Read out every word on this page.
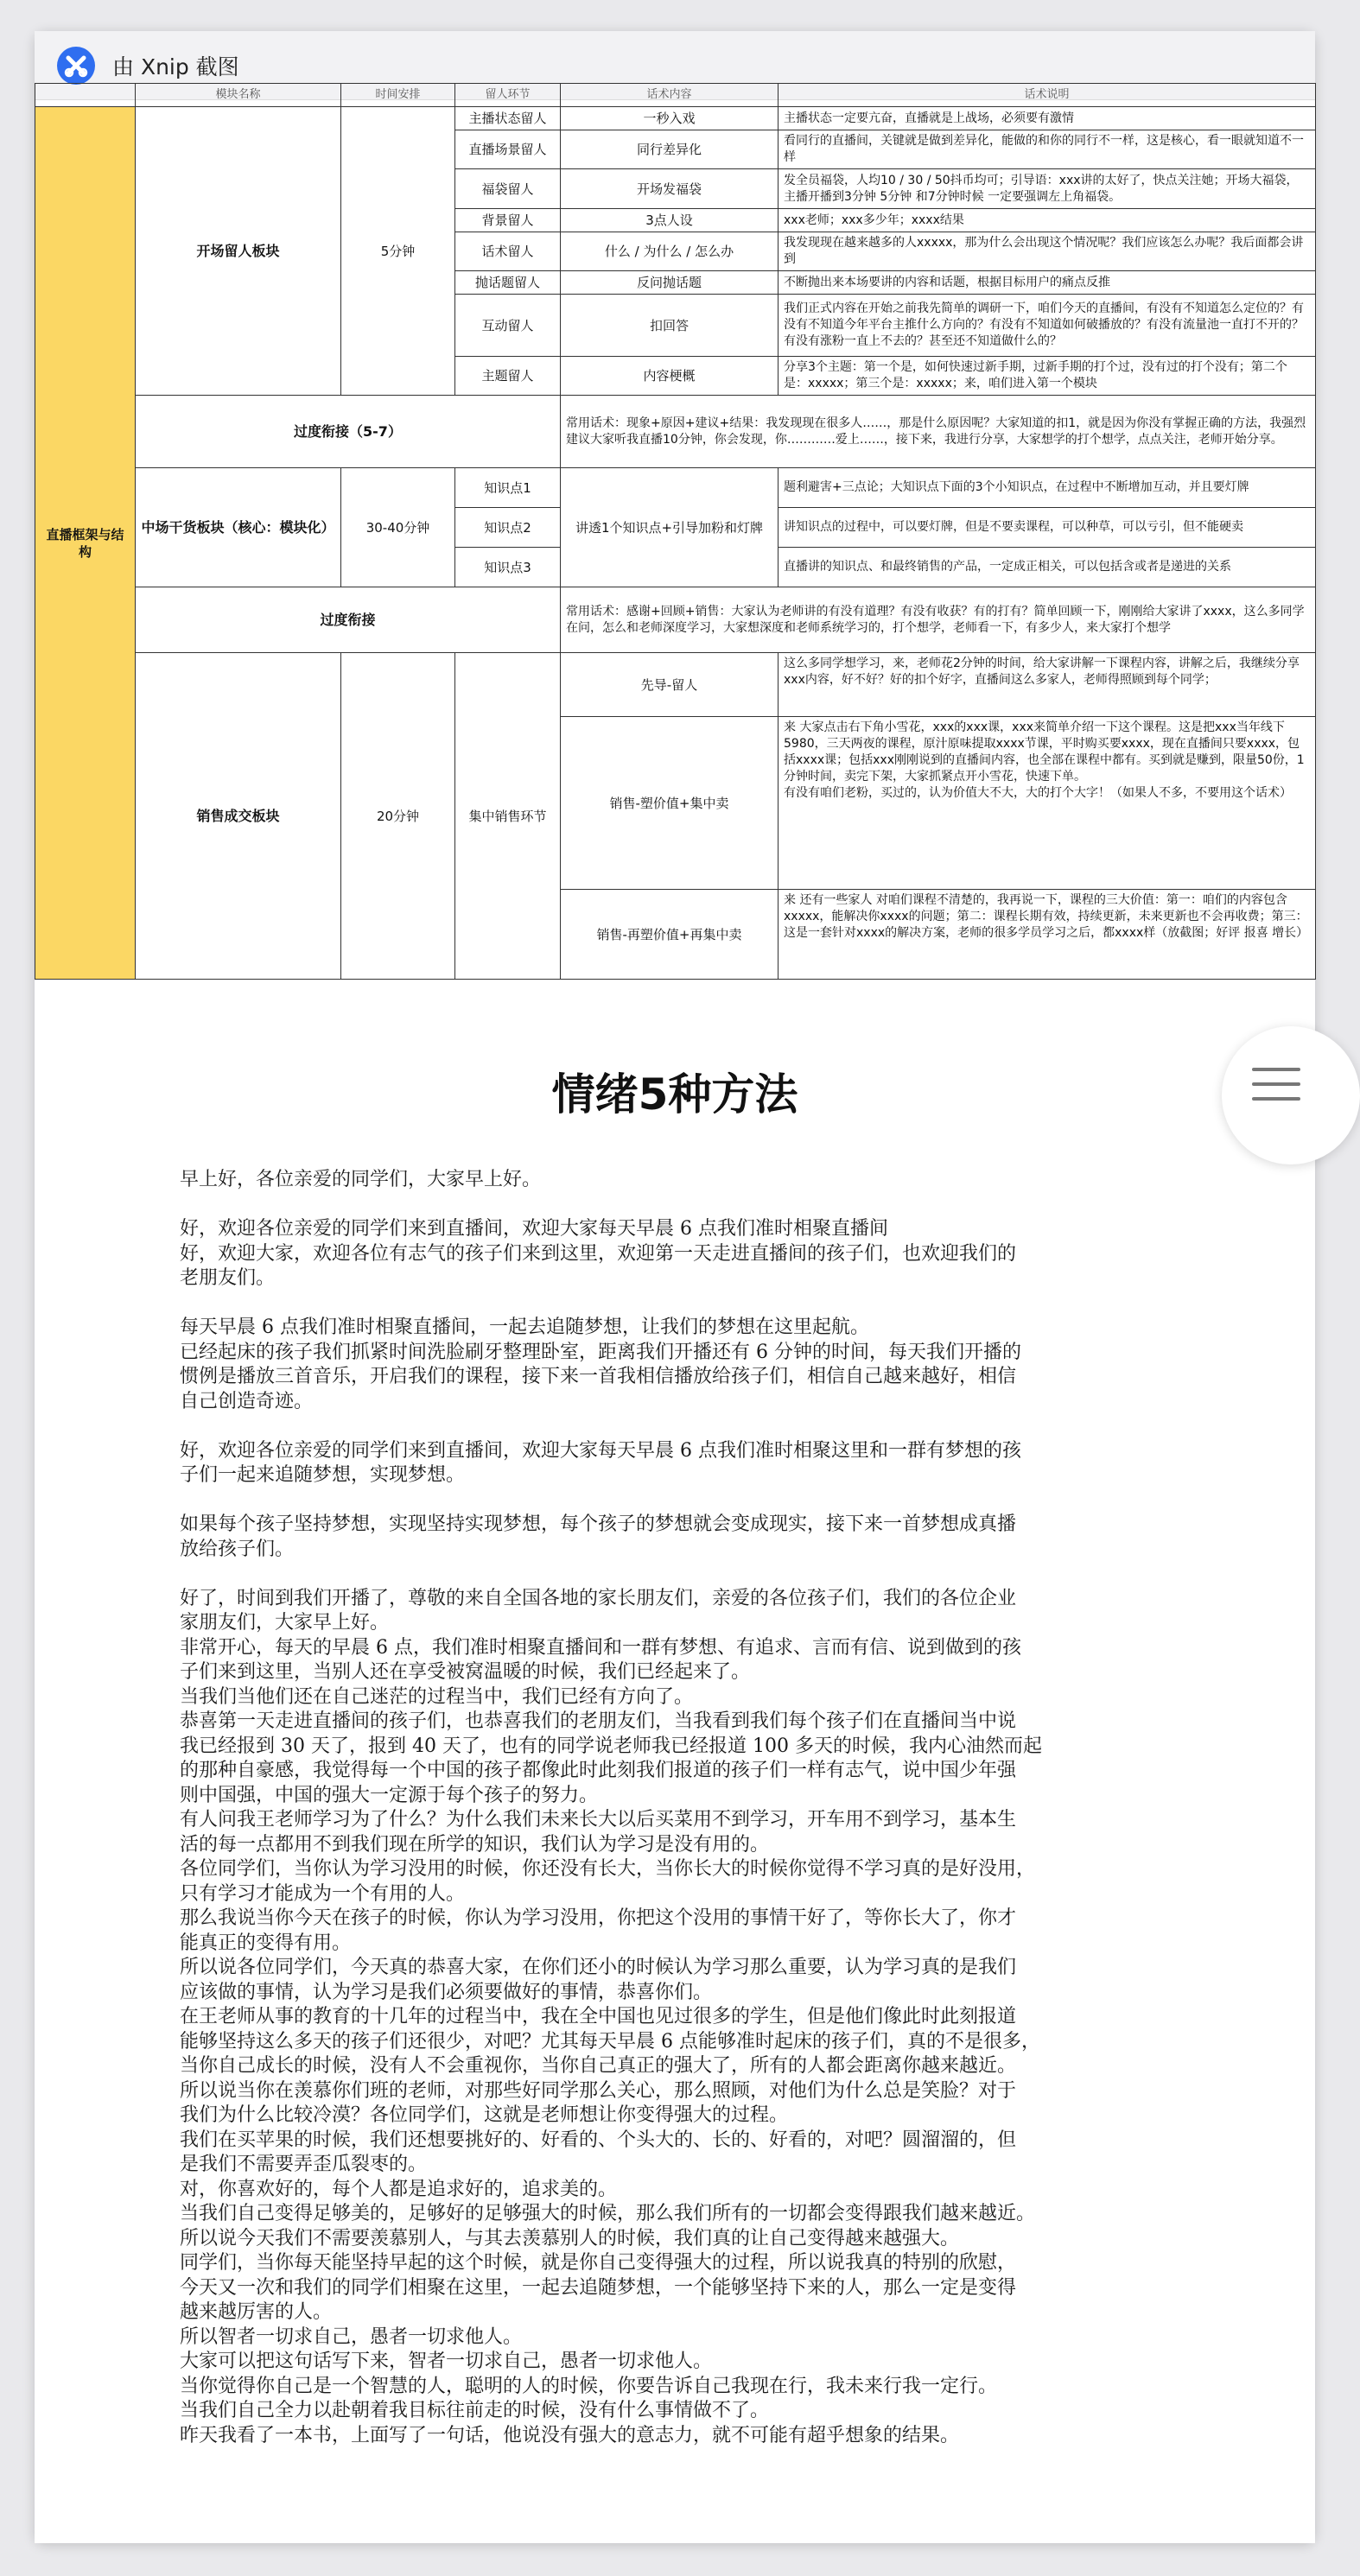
由 Xnip 截图
	模块名称	时间安排	留人环节	话术内容	话术说明
直播框架与结构	开场留人板块	5分钟	主播状态留人	一秒入戏	主播状态一定要亢奋，直播就是上战场，必须要有激情
			直播场景留人	同行差异化	看同行的直播间，关键就是做到差异化，能做的和你的同行不一样，这是核心，看一眼就知道不一样
			福袋留人	开场发福袋	发全员福袋，人均10 / 30 / 50抖币均可；引导语：xxx讲的太好了，快点关注她；开场大福袋，主播开播到3分钟 5分钟 和7分钟时候 一定要强调左上角福袋。
			背景留人	3点人设	xxx老师；xxx多少年；xxxx结果
			话术留人	什么 / 为什么 / 怎么办	我发现现在越来越多的人xxxxx，那为什么会出现这个情况呢？我们应该怎么办呢？我后面都会讲到
			抛话题留人	反问抛话题	不断抛出来本场要讲的内容和话题，根据目标用户的痛点反推
			互动留人	扣回答	我们正式内容在开始之前我先简单的调研一下，咱们今天的直播间，有没有不知道怎么定位的？有没有不知道今年平台主推什么方向的？有没有不知道如何破播放的？有没有流量池一直打不开的？有没有涨粉一直上不去的？甚至还不知道做什么的？
			主题留人	内容梗概	分享3个主题：第一个是，如何快速过新手期，过新手期的打个过，没有过的打个没有；第二个是：xxxxx；第三个是：xxxxx；来，咱们进入第一个模块
	过度衔接（5-7）			常用话术：现象+原因+建议+结果：我发现现在很多人……，那是什么原因呢？大家知道的扣1，就是因为你没有掌握正确的方法，我强烈建议大家听我直播10分钟，你会发现，你…………爱上……，接下来，我进行分享，大家想学的打个想学，点点关注，老师开始分享。	
	中场干货板块（核心：模块化）	30-40分钟	知识点1	讲透1个知识点+引导加粉和灯牌	题利避害+三点论；大知识点下面的3个小知识点，在过程中不断增加互动，并且要灯牌
			知识点2		讲知识点的过程中，可以要灯牌，但是不要卖课程，可以种草，可以亏引，但不能硬卖
			知识点3		直播讲的知识点、和最终销售的产品，一定成正相关，可以包括含或者是递进的关系
	过度衔接			常用话术：感谢+回顾+销售：大家认为老师讲的有没有道理？有没有收获？有的打有？简单回顾一下，刚刚给大家讲了xxxx，这么多同学在问，怎么和老师深度学习，大家想深度和老师系统学习的，打个想学，老师看一下，有多少人，来大家打个想学	
	销售成交板块	20分钟	集中销售环节	先导-留人	这么多同学想学习，来，老师花2分钟的时间，给大家讲解一下课程内容，讲解之后，我继续分享xxx内容，好不好？好的扣个好字，直播间这么多家人，老师得照顾到每个同学；
				销售-塑价值+集中卖	来 大家点击右下角小雪花，xxx的xxx课，xxx来简单介绍一下这个课程。这是把xxx当年线下5980，三天两夜的课程，原汁原味提取xxxx节课，平时购买要xxxx，现在直播间只要xxxx，包括xxxx课；包括xxx刚刚说到的直播间内容，也全部在课程中都有。买到就是赚到，限量50份，1分钟时间，卖完下架，大家抓紧点开小雪花，快速下单。
有没有咱们老粉，买过的，认为价值大不大，大的打个大字！（如果人不多，不要用这个话术）
				销售-再塑价值+再集中卖	来 还有一些家人 对咱们课程不清楚的，我再说一下，课程的三大价值：第一：咱们的内容包含xxxxx，能解决你xxxx的问题；第二：课程长期有效，持续更新，未来更新也不会再收费；第三：这是一套针对xxxx的解决方案，老师的很多学员学习之后，都xxxx样（放截图；好评 报喜 增长）
情绪5种方法

早上好，各位亲爱的同学们，大家早上好。

好，欢迎各位亲爱的同学们来到直播间，欢迎大家每天早晨 6 点我们准时相聚直播间

好，欢迎大家，欢迎各位有志气的孩子们来到这里，欢迎第一天走进直播间的孩子们，也欢迎我们的

老朋友们。

每天早晨 6 点我们准时相聚直播间，一起去追随梦想，让我们的梦想在这里起航。

已经起床的孩子我们抓紧时间洗脸刷牙整理卧室，距离我们开播还有 6 分钟的时间，每天我们开播的

惯例是播放三首音乐，开启我们的课程，接下来一首我相信播放给孩子们，相信自己越来越好，相信

自己创造奇迹。

好，欢迎各位亲爱的同学们来到直播间，欢迎大家每天早晨 6 点我们准时相聚这里和一群有梦想的孩

子们一起来追随梦想，实现梦想。

如果每个孩子坚持梦想，实现坚持实现梦想，每个孩子的梦想就会变成现实，接下来一首梦想成真播

放给孩子们。

好了，时间到我们开播了，尊敬的来自全国各地的家长朋友们，亲爱的各位孩子们，我们的各位企业

家朋友们，大家早上好。

非常开心，每天的早晨 6 点，我们准时相聚直播间和一群有梦想、有追求、言而有信、说到做到的孩

子们来到这里，当别人还在享受被窝温暖的时候，我们已经起来了。

当我们当他们还在自己迷茫的过程当中，我们已经有方向了。

恭喜第一天走进直播间的孩子们，也恭喜我们的老朋友们，当我看到我们每个孩子们在直播间当中说

我已经报到 30 天了，报到 40 天了，也有的同学说老师我已经报道 100 多天的时候，我内心油然而起

的那种自豪感，我觉得每一个中国的孩子都像此时此刻我们报道的孩子们一样有志气，说中国少年强

则中国强，中国的强大一定源于每个孩子的努力。

有人问我王老师学习为了什么？为什么我们未来长大以后买菜用不到学习，开车用不到学习，基本生

活的每一点都用不到我们现在所学的知识，我们认为学习是没有用的。

各位同学们，当你认为学习没用的时候，你还没有长大，当你长大的时候你觉得不学习真的是好没用，

只有学习才能成为一个有用的人。

那么我说当你今天在孩子的时候，你认为学习没用，你把这个没用的事情干好了，等你长大了，你才

能真正的变得有用。

所以说各位同学们，今天真的恭喜大家，在你们还小的时候认为学习那么重要，认为学习真的是我们

应该做的事情，认为学习是我们必须要做好的事情，恭喜你们。

在王老师从事的教育的十几年的过程当中，我在全中国也见过很多的学生，但是他们像此时此刻报道

能够坚持这么多天的孩子们还很少，对吧？尤其每天早晨 6 点能够准时起床的孩子们，真的不是很多，

当你自己成长的时候，没有人不会重视你，当你自己真正的强大了，所有的人都会距离你越来越近。

所以说当你在羡慕你们班的老师，对那些好同学那么关心，那么照顾，对他们为什么总是笑脸？对于

我们为什么比较冷漠？各位同学们，这就是老师想让你变得强大的过程。

我们在买苹果的时候，我们还想要挑好的、好看的、个头大的、长的、好看的，对吧？圆溜溜的，但

是我们不需要弄歪瓜裂枣的。

对，你喜欢好的，每个人都是追求好的，追求美的。

当我们自己变得足够美的，足够好的足够强大的时候，那么我们所有的一切都会变得跟我们越来越近。

所以说今天我们不需要羡慕别人，与其去羡慕别人的时候，我们真的让自己变得越来越强大。

同学们，当你每天能坚持早起的这个时候，就是你自己变得强大的过程，所以说我真的特别的欣慰，

今天又一次和我们的同学们相聚在这里，一起去追随梦想，一个能够坚持下来的人，那么一定是变得

越来越厉害的人。

所以智者一切求自己，愚者一切求他人。

大家可以把这句话写下来，智者一切求自己，愚者一切求他人。

当你觉得你自己是一个智慧的人，聪明的人的时候，你要告诉自己我现在行，我未来行我一定行。

当我们自己全力以赴朝着我目标往前走的时候，没有什么事情做不了。

昨天我看了一本书，上面写了一句话，他说没有强大的意志力，就不可能有超乎想象的结果。
